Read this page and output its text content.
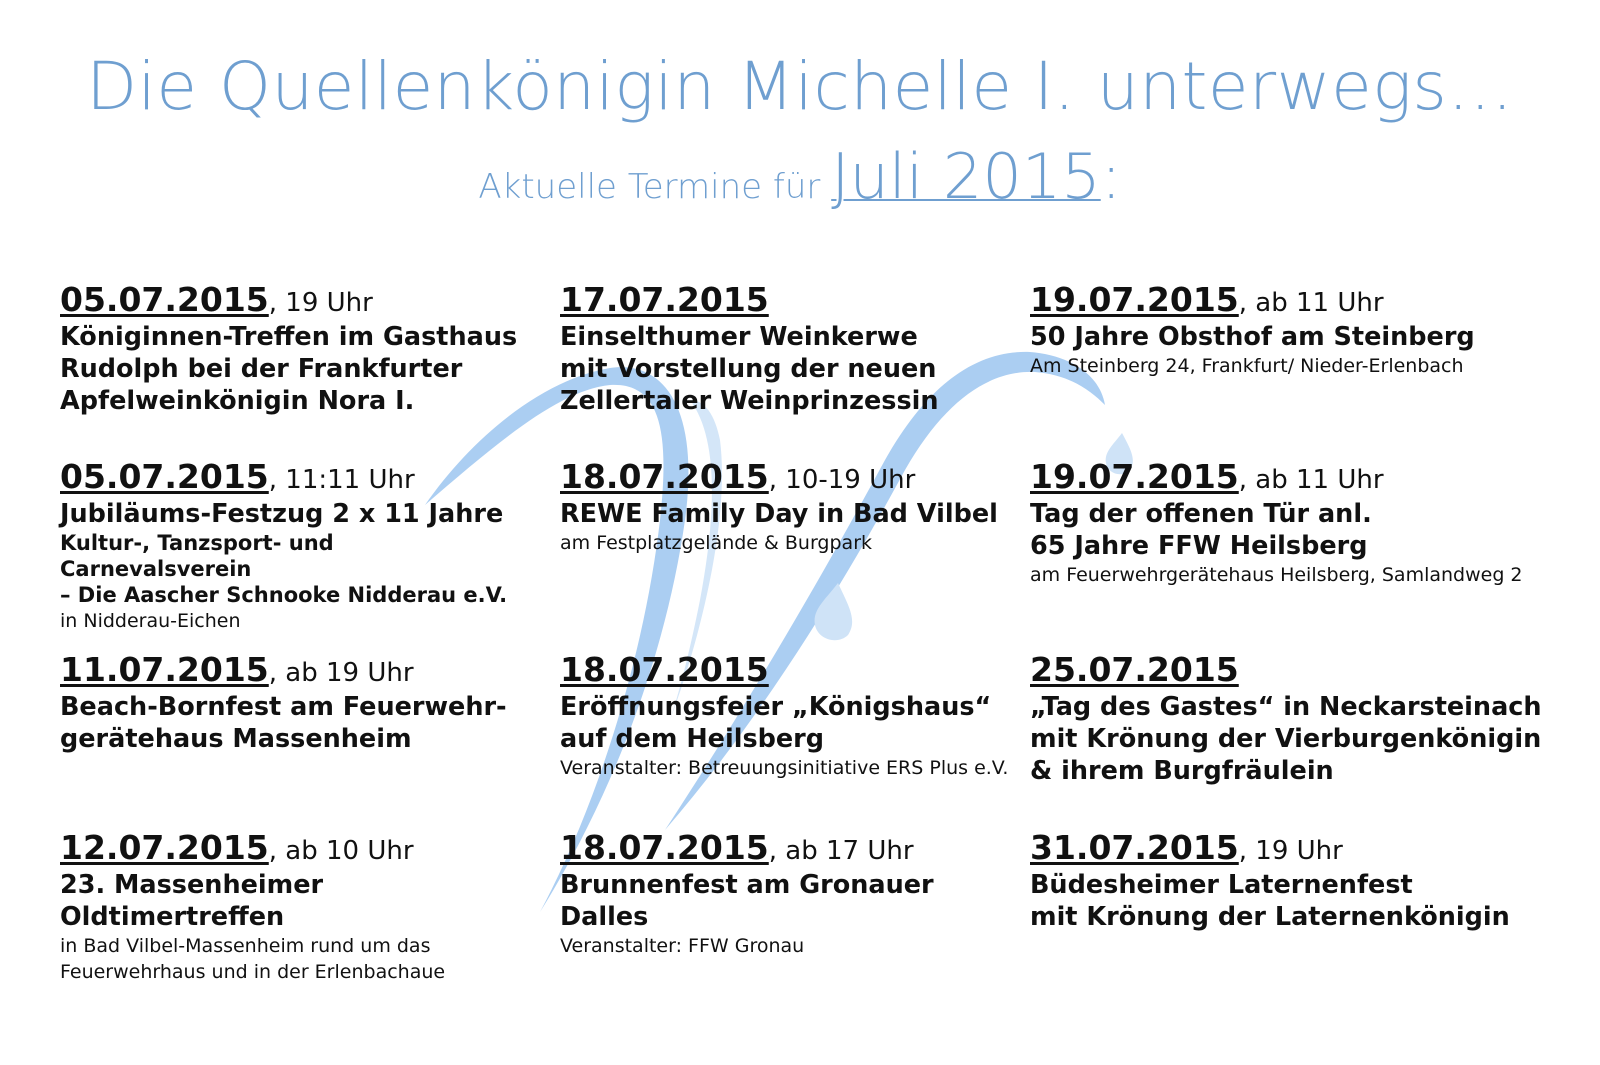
Die Quellenkönigin Michelle I. unterwegs…
Aktuelle Termine für Juli 2015:
05.07.2015, 19 Uhr
Königinnen-Treffen im Gasthaus
Rudolph bei der Frankfurter
Apfelweinkönigin Nora I.
05.07.2015, 11:11 Uhr
Jubiläums-Festzug 2 x 11 Jahre
Kultur-, Tanzsport- und Carnevalsverein
– Die Aascher Schnooke Nidderau e.V.
in Nidderau-Eichen
11.07.2015, ab 19 Uhr
Beach-Bornfest am Feuerwehr-
gerätehaus Massenheim
12.07.2015, ab 10 Uhr
23. Massenheimer Oldtimertreffen
in Bad Vilbel-Massenheim rund um das
Feuerwehrhaus und in der Erlenbachaue
17.07.2015
Einselthumer Weinkerwe
mit Vorstellung der neuen
Zellertaler Weinprinzessin
18.07.2015, 10-19 Uhr
REWE Family Day in Bad Vilbel
am Festplatzgelände & Burgpark
18.07.2015
Eröffnungsfeier „Königshaus“
auf dem Heilsberg
Veranstalter: Betreuungsinitiative ERS Plus e.V.
18.07.2015, ab 17 Uhr
Brunnenfest am Gronauer Dalles
Veranstalter: FFW Gronau
19.07.2015, ab 11 Uhr
50 Jahre Obsthof am Steinberg
Am Steinberg 24, Frankfurt/ Nieder-Erlenbach
19.07.2015, ab 11 Uhr
Tag der offenen Tür anl.
65 Jahre FFW Heilsberg
am Feuerwehrgerätehaus Heilsberg, Samlandweg 2
25.07.2015
„Tag des Gastes“ in Neckarsteinach
mit Krönung der Vierburgenkönigin
& ihrem Burgfräulein
31.07.2015, 19 Uhr
Büdesheimer Laternenfest
mit Krönung der Laternenkönigin
